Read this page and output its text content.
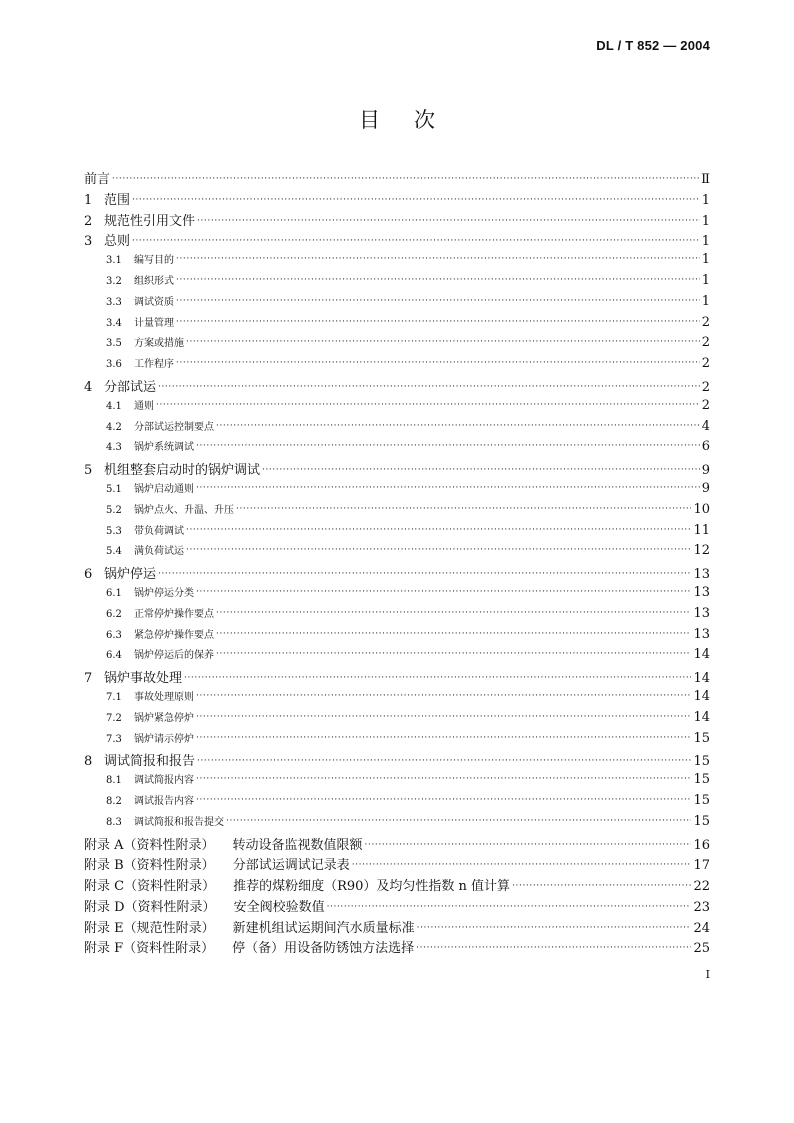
DL / T 852 — 2004
目次
前言 ·····	Ⅱ
1 范围 ·····	1
2 规范性引用文件 ·····	1
3 总则 ·····	1
3.1	编写目的 ·····	1
3.2	组织形式 ·····	1
3.3	调试资质 ·····	1
3.4	计量管理 ·····	2
3.5	方案或措施 ·····	2
3.6	工作程序 ·····	2
4 分部试运 ·····	2
4.1	通则 ·····	2
4.2	分部试运控制要点 ·····	4
4.3	锅炉系统调试 ·····	6
5 机组整套启动时的锅炉调试 ·····	9
5.1	锅炉启动通则 ·····	9
5.2	锅炉点火、升温、升压 ·····	10
5.3	带负荷调试 ·····	11
5.4	满负荷试运 ·····	12
6 锅炉停运 ·····	13
6.1	锅炉停运分类 ·····	13
6.2	正常停炉操作要点 ·····	13
6.3	紧急停炉操作要点 ·····	13
6.4	锅炉停运后的保养 ·····	14
7 锅炉事故处理 ·····	14
7.1	事故处理原则 ·····	14
7.2	锅炉紧急停炉 ·····	14
7.3	锅炉请示停炉 ·····	15
8 调试简报和报告 ·····	15
8.1	调试简报内容 ·····	15
8.2	调试报告内容 ·····	15
8.3	调试简报和报告提交 ·····	15
附录 A（资料性附录） 转动设备监视数值限额 ·····	16
附录 B（资料性附录） 分部试运调试记录表 ·····	17
附录 C（资料性附录） 推荐的煤粉细度（R90）及均匀性指数 n 值计算 ·····	22
附录 D（资料性附录） 安全阀校验数值 ·····	23
附录 E（规范性附录） 新建机组试运期间汽水质量标准 ·····	24
附录 F（资料性附录） 停（备）用设备防锈蚀方法选择 ·····	25
I
